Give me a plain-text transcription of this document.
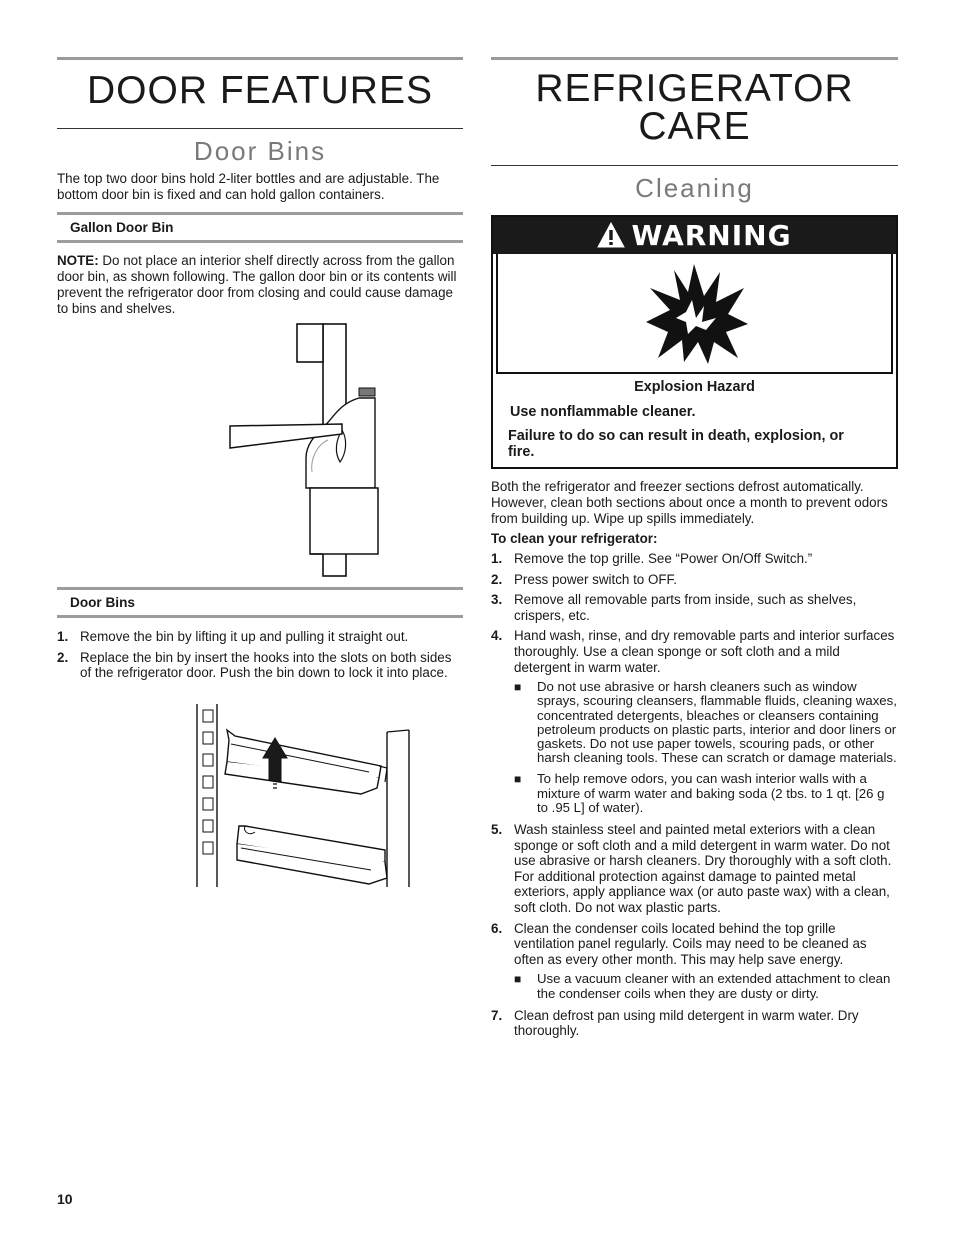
DOOR FEATURES
Door Bins

The top two door bins hold 2-liter bottles and are adjustable. The bottom door bin is fixed and can hold gallon containers.

Gallon Door Bin

NOTE: Do not place an interior shelf directly across from the gallon door bin, as shown following. The gallon door bin or its contents will prevent the refrigerator door from closing and could cause damage to bins and shelves.

Door Bins
1. Remove the bin by lifting it up and pulling it straight out.
2. Replace the bin by insert the hooks into the slots on both sides of the refrigerator door. Push the bin down to lock it into place.
REFRIGERATOR
CARE
Cleaning
WARNING
Explosion Hazard
Use nonflammable cleaner.
Failure to do so can result in death, explosion, or fire.

Both the refrigerator and freezer sections defrost automatically. However, clean both sections about once a month to prevent odors from building up. Wipe up spills immediately.

To clean your refrigerator:

1. Remove the top grille. See “Power On/Off Switch.”
2. Press power switch to OFF.
3. Remove all removable parts from inside, such as shelves, crispers, etc.
4. Hand wash, rinse, and dry removable parts and interior surfaces thoroughly. Use a clean sponge or soft cloth and a mild detergent in warm water.
■ Do not use abrasive or harsh cleaners such as window sprays, scouring cleansers, flammable fluids, cleaning waxes, concentrated detergents, bleaches or cleansers containing petroleum products on plastic parts, interior and door liners or gaskets. Do not use paper towels, scouring pads, or other harsh cleaning tools. These can scratch or damage materials.
■ To help remove odors, you can wash interior walls with a mixture of warm water and baking soda (2 tbs. to 1 qt. [26 g to .95 L] of water).
5. Wash stainless steel and painted metal exteriors with a clean sponge or soft cloth and a mild detergent in warm water. Do not use abrasive or harsh cleaners. Dry thoroughly with a soft cloth. For additional protection against damage to painted metal exteriors, apply appliance wax (or auto paste wax) with a clean, soft cloth. Do not wax plastic parts.
6. Clean the condenser coils located behind the top grille ventilation panel regularly. Coils may need to be cleaned as often as every other month. This may help save energy.
■ Use a vacuum cleaner with an extended attachment to clean the condenser coils when they are dusty or dirty.
7. Clean defrost pan using mild detergent in warm water. Dry thoroughly.
10
